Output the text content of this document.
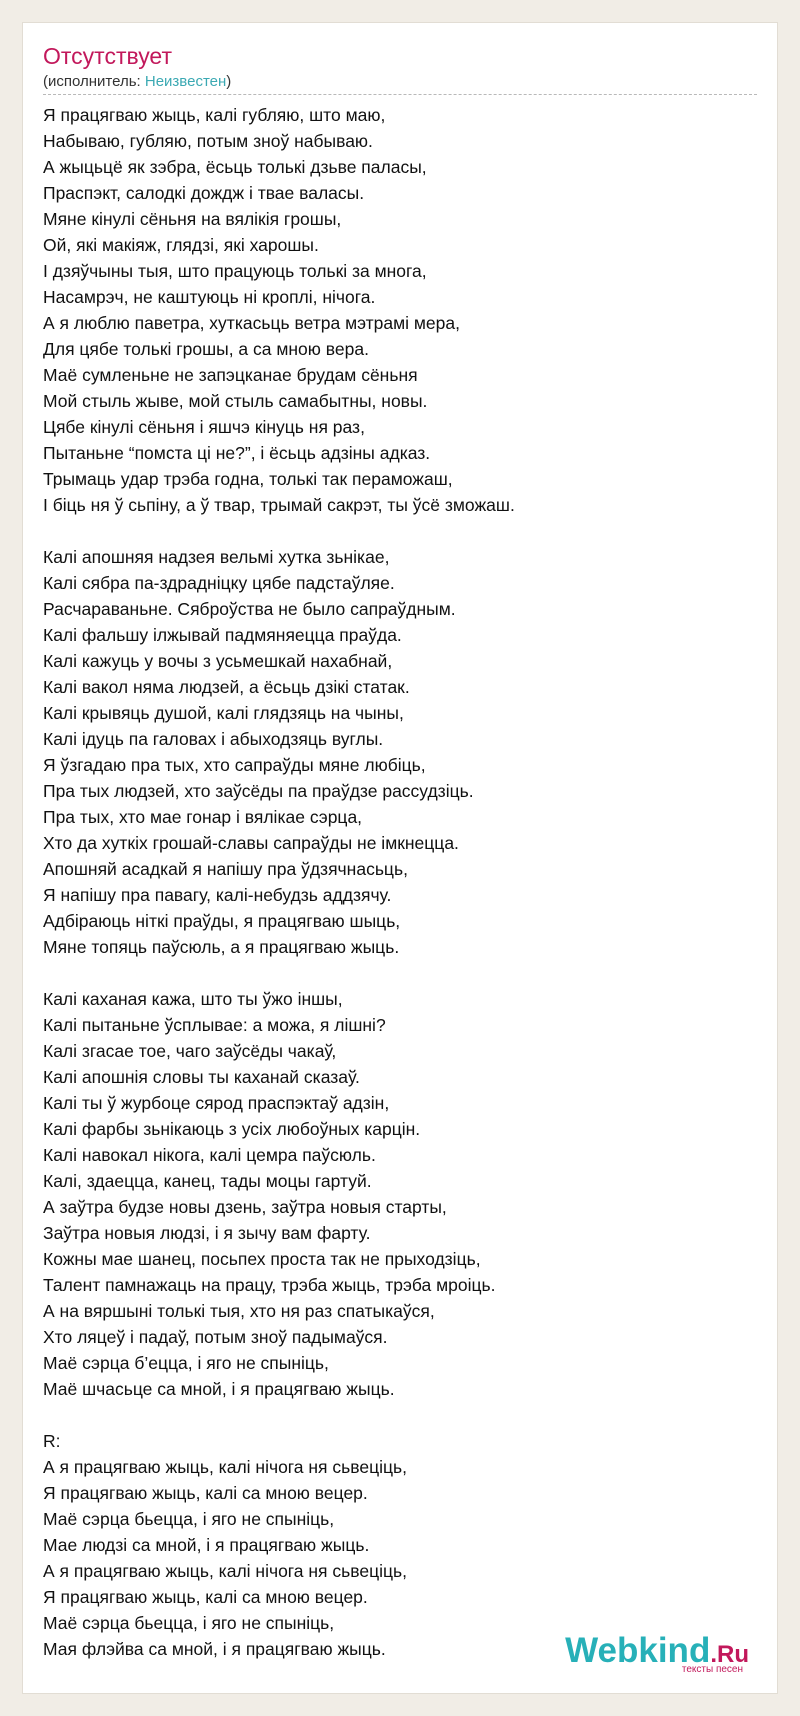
Отсутствует
(исполнитель: Неизвестен)
Я працягваю жыць, калі губляю, што маю,
Набываю, губляю, потым зноў набываю.
А жыцьцё як зэбра, ёсьць толькі дзьве паласы,
Праспэкт, салодкі дождж і твае валасы.
Мяне кінулі сёньня на вялікія грошы,
Ой, які макіяж, глядзі, які харошы.
І дзяўчыны тыя, што працуюць толькі за многа,
Насамрэч, не каштуюць ні кроплі, нічога.
А я люблю паветра, хуткасьць ветра мэтрамі мера,
Для цябе толькі грошы, а са мною вера.
Маё сумленьне не запэцканае брудам сёньня
Мой стыль жыве, мой стыль самабытны, новы.
Цябе кінулі сёньня і яшчэ кінуць ня раз,
Пытаньне “помста ці не?”, і ёсьць адзіны адказ.
Трымаць удар трэба годна, толькі так пераможаш,
І біць ня ў сьпіну, а ў твар, трымай сакрэт, ты ўсё зможаш.
Калі апошняя надзея вельмі хутка зьнікае,
Калі сябра па-здрадніцку цябе падстаўляе.
Расчараваньне. Сяброўства не было сапраўдным.
Калі фальшу ілжывай падмяняецца праўда.
Калі кажуць у вочы з усьмешкай нахабнай,
Калі вакол няма людзей, а ёсьць дзікі статак.
Калі крывяць душой, калі глядзяць на чыны,
Калі ідуць па галовах і абыходзяць вуглы.
Я ўзгадаю пра тых, хто сапраўды мяне любіць,
Пра тых людзей, хто заўсёды па праўдзе рассудзіць.
Пра тых, хто мае гонар і вялікае сэрца,
Хто да хуткіх грошай-славы сапраўды не імкнецца.
Апошняй асадкай я напішу пра ўдзячнасьць,
Я напішу пра павагу, калі-небудзь аддзячу.
Адбіраюць ніткі праўды, я працягваю шыць,
Мяне топяць паўсюль, а я працягваю жыць.
Калі каханая кажа, што ты ўжо іншы,
Калі пытаньне ўсплывае: а можа, я лішні?
Калі згасае тое, чаго заўсёды чакаў,
Калі апошнія словы ты каханай сказаў.
Калі ты ў журбоце сярод праспэктаў адзін,
Калі фарбы зьнікаюць з усіх любоўных карцін.
Калі навокал нікога, калі цемра паўсюль.
Калі, здаецца, канец, тады моцы гартуй.
А заўтра будзе новы дзень, заўтра новыя старты,
Заўтра новыя людзі, і я зычу вам фарту.
Кожны мае шанец, посьпех проста так не прыходзіць,
Талент памнажаць на працу, трэба жыць, трэба мроіць.
А на вяршыні толькі тыя, хто ня раз спатыкаўся,
Хто ляцеў і падаў, потым зноў падымаўся.
Маё сэрца б’ецца, і яго не спыніць,
Маё шчасьце са мной, і я працягваю жыць.
R:
А я працягваю жыць, калі нічога ня сьвеціць,
Я працягваю жыць, калі са мною вецер.
Маё сэрца бьецца, і яго не спыніць,
Мае людзі са мной, і я працягваю жыць.
А я працягваю жыць, калі нічога ня сьвеціць,
Я працягваю жыць, калі са мною вецер.
Маё сэрца бьецца, і яго не спыніць,
Мая флэйва са мной, і я працягваю жыць.	Webkind.Ru
тексты песен
